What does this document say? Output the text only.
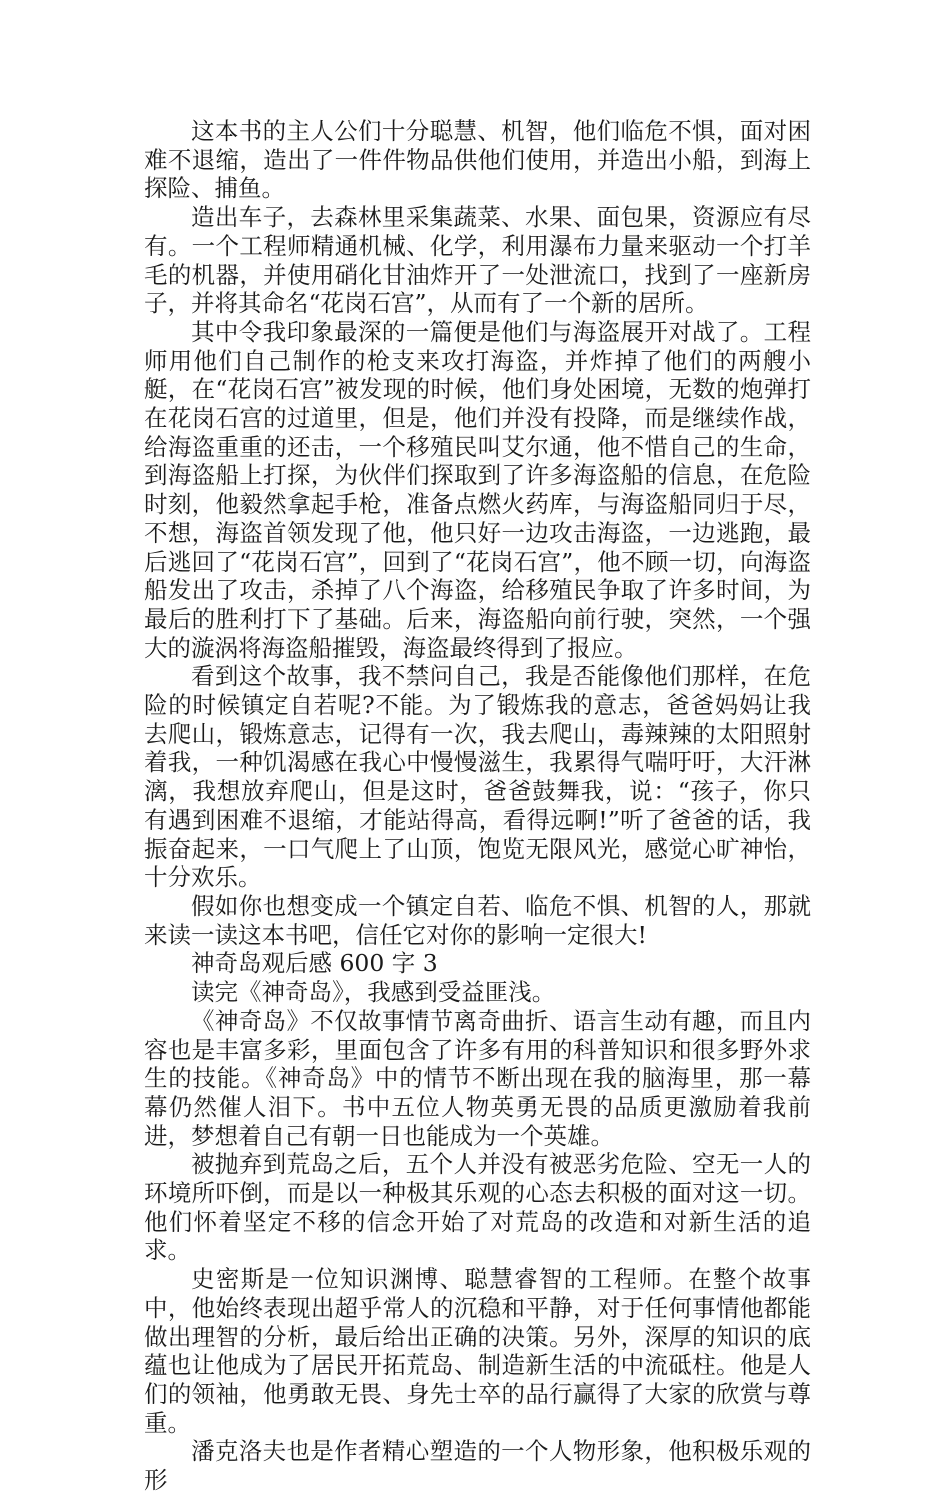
这本书的主人公们十分聪慧、机智，他们临危不惧，面对困难不退缩，造出了一件件物品供他们使用，并造出小船，到海上探险、捕鱼。

造出车子，去森林里采集蔬菜、水果、面包果，资源应有尽有。一个工程师精通机械、化学，利用瀑布力量来驱动一个打羊毛的机器，并使用硝化甘油炸开了一处泄流口，找到了一座新房子，并将其命名“花岗石宫”，从而有了一个新的居所。

其中令我印象最深的一篇便是他们与海盗展开对战了。工程师用他们自己制作的枪支来攻打海盗，并炸掉了他们的两艘小艇，在“花岗石宫”被发现的时候，他们身处困境，无数的炮弹打在花岗石宫的过道里，但是，他们并没有投降，而是继续作战，给海盗重重的还击，一个移殖民叫艾尔通，他不惜自己的生命，到海盗船上打探，为伙伴们探取到了许多海盗船的信息，在危险时刻，他毅然拿起手枪，准备点燃火药库，与海盗船同归于尽，不想，海盗首领发现了他，他只好一边攻击海盗，一边逃跑，最后逃回了“花岗石宫”，回到了“花岗石宫”，他不顾一切，向海盗船发出了攻击，杀掉了八个海盗，给移殖民争取了许多时间，为最后的胜利打下了基础。后来，海盗船向前行驶，突然，一个强大的漩涡将海盗船摧毁，海盗最终得到了报应。

看到这个故事，我不禁问自己，我是否能像他们那样，在危险的时候镇定自若呢?不能。为了锻炼我的意志，爸爸妈妈让我去爬山，锻炼意志，记得有一次，我去爬山，毒辣辣的太阳照射着我，一种饥渴感在我心中慢慢滋生，我累得气喘吁吁，大汗淋漓，我想放弃爬山，但是这时，爸爸鼓舞我，说：“孩子，你只有遇到困难不退缩，才能站得高，看得远啊!”听了爸爸的话，我振奋起来，一口气爬上了山顶，饱览无限风光，感觉心旷神怡，十分欢乐。

假如你也想变成一个镇定自若、临危不惧、机智的人，那就来读一读这本书吧，信任它对你的影响一定很大!

神奇岛观后感 600 字 3

读完《神奇岛》，我感到受益匪浅。

《神奇岛》不仅故事情节离奇曲折、语言生动有趣，而且内容也是丰富多彩，里面包含了许多有用的科普知识和很多野外求生的技能。《神奇岛》中的情节不断出现在我的脑海里，那一幕幕仍然催人泪下。书中五位人物英勇无畏的品质更激励着我前进，梦想着自己有朝一日也能成为一个英雄。

被抛弃到荒岛之后，五个人并没有被恶劣危险、空无一人的环境所吓倒，而是以一种极其乐观的心态去积极的面对这一切。他们怀着坚定不移的信念开始了对荒岛的改造和对新生活的追求。

史密斯是一位知识渊博、聪慧睿智的工程师。在整个故事中，他始终表现出超乎常人的沉稳和平静，对于任何事情他都能做出理智的分析，最后给出正确的决策。另外，深厚的知识的底蕴也让他成为了居民开拓荒岛、制造新生活的中流砥柱。他是人们的领袖，他勇敢无畏、身先士卒的品行赢得了大家的欣赏与尊重。

潘克洛夫也是作者精心塑造的一个人物形象，他积极乐观的形
